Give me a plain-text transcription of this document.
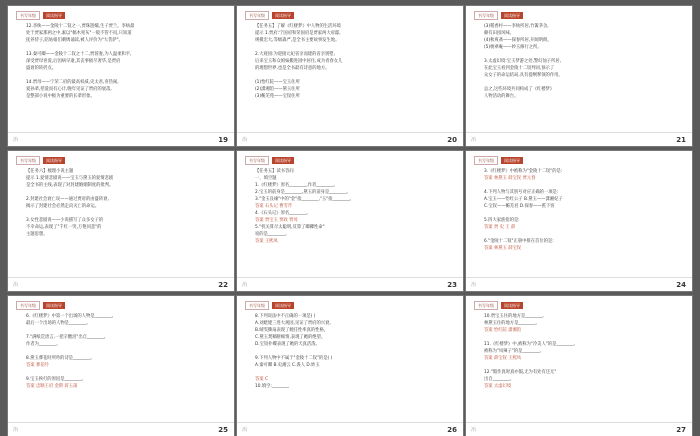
书写年级	阅读指导
12.李纨——金陵十二钗之一,贾珠遗孀,生子贾兰。李纨最
处于贾家那两之中,素以"槁木死灰"一般不管不问,只知道
抚养侍子,陪姑娘们刺绣诵读,被人评价为"大菩萨"。

13.秦可卿——金陵十二钗之十二,贾蓉妻,为人温柔和平,
深受贾母喜爱,后因病早逝,其丧事极尽奢华,是贾府
盛衰的转折点。

14.贾母——宁荣二府的最高权威,史太君,喜热闹,
爱孙辈,慈爱而有心计,晚年见证了贾府的衰落,
是整部小说中极为重要的长辈形象。
冶	19
书写年级	阅读指导
【任务五】了解《红楼梦》中人物的生活环境
提示 1.贾府:宁国府和荣国府是贾家两大府邸,
规模宏大,等级森严,是全书主要故事发生地。

2.大观园:为迎接元妃省亲而建的省亲别墅,
后来宝玉和众姐妹搬进园中居住,成为青春女儿
的理想世界,也是全书最有诗意的地方。

(1)怡红院——宝玉住所
(2)潇湘馆——黛玉住所
(3)蘅芜苑——宝钗住所
冶	20
书写年级	阅读指导
(3)稻香村——李纨所居,竹篱茅舍,
颇有田园风味。
(4)秋爽斋——探春所居,开阔明朗。
(5)栊翠庵——妙玉修行之所。

3.太虚幻境:宝玉梦游之处,警幻仙子所居,
在此宝玉看到金陵十二钗判词,预示了
众女子的命运结局,具有提纲挈领的作用。

总之,这些环境共同构成了《红楼梦》
人物活动的舞台。
冶	21
书写年级	阅读指导
【任务六】梳理小说主题
提示 1.爱情悲剧说——宝玉与黛玉的爱情悲剧
是全书的主线,表现了对封建婚姻制度的批判。

2.封建社会衰亡说——通过贾府的由盛转衰,
揭示了封建社会必然走向灭亡的命运。

3.女性悲剧说——小说描写了众多女子的
不幸命运,表现了"千红一哭,万艳同悲"的
主题思想。
冶	22
书写年级	阅读指导
【任务五】读书答问
一、填空题
1.《红楼梦》原名________,作者________。
2.宝玉的前身是________,黛玉的前身是________。
3."金玉良缘"中的"金"指________,"玉"指________。
答案 石头记 曹雪芹
4.《石头记》原名________。
答案 贾宝玉 贾政 贾母
5."机关算尽太聪明,反算了卿卿性命"
说的是________。
答案 王熙凤
冶	23
书写年级	阅读指导
3.《红楼梦》中被称为"金陵十二钗"的是:
答案 林黛玉 薛宝钗 贾元春

4.下列人物与其别号对应正确的一项是:
A.宝玉——怡红公子 B.黛玉——潇湘妃子
C.宝钗——蘅芜君 D.探春——蕉下客

5.四大家族指的是:
答案 贾 史 王 薛

6."金陵十二钗"正册中排在首位的是:
答案 林黛玉 薛宝钗
冶	24
书写年级	阅读指导
6.《红楼梦》中第一个出场的人物是________,
最后一个出场的人物是________。

7."满纸荒唐言,一把辛酸泪"出自________,
作者为________。

8.黛玉葬花时所吟的诗是________。
答案 葬花吟

9.宝玉挨打的原因是________。
答案 忠顺王府 金钏 蒋玉菡
冶	25
书写年级	阅读指导
8.下列说法中不正确的一项是( )
A.刘姥姥三进大观园,见证了贾府的兴衰。
B.晴雯撕扇表现了她任性率真的性格。
C.黛玉焚稿断痴情,表现了她的绝望。
D.宝钗扑蝶表现了她的天真活泼。

9.下列人物中不属于"金陵十二钗"的是( )
A.秦可卿 B.史湘云 C.袭人 D.妙玉

答案 C
10.填空:________
冶	26
书写年级	阅读指导
10.贾宝玉住的地方是________,
林黛玉住的地方是________。
答案 怡红院 潇湘馆

11.《红楼梦》中,被称为"冷美人"的是________,
被称为"凤辣子"的是________。
答案 薛宝钗 王熙凤

12."假作真时真亦假,无为有处有还无"
出自________。
答案 太虚幻境
冶	27
